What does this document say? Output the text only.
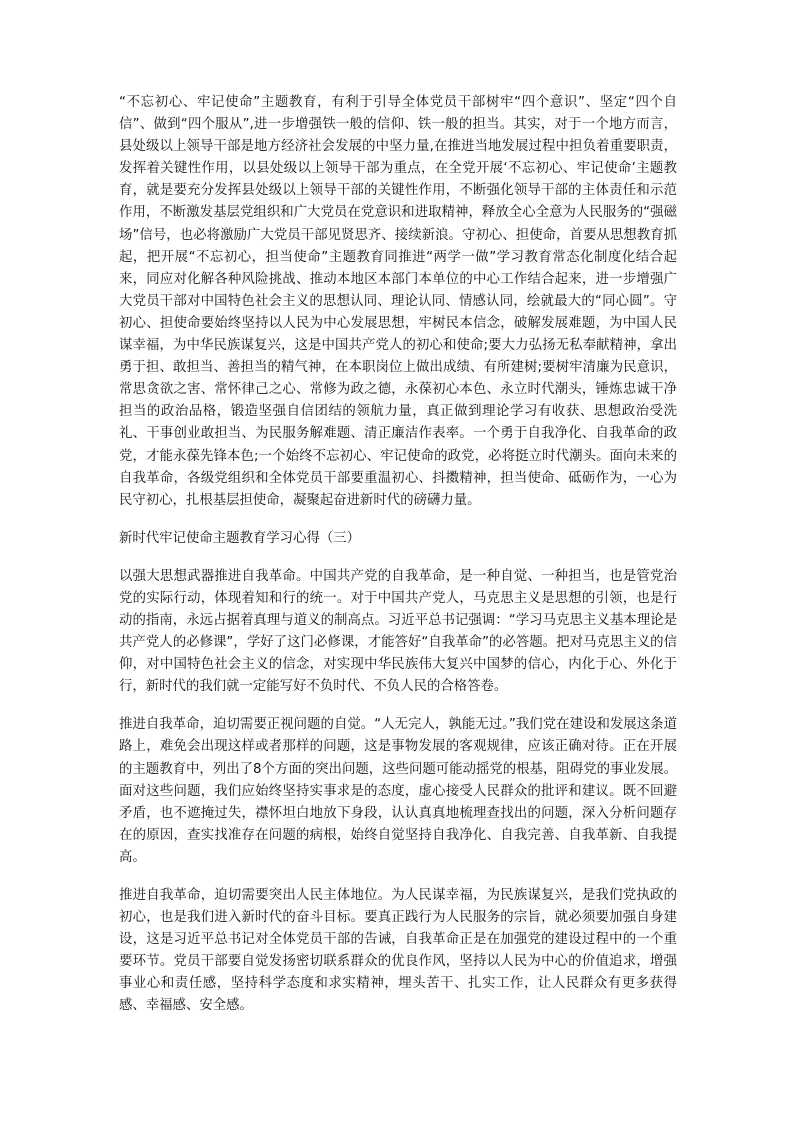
“不忘初心、牢记使命”主题教育，有利于引导全体党员干部树牢“四个意识”、坚定“四个自信”、做到“四个服从”,进一步增强铁一般的信仰、铁一般的担当。其实，对于一个地方而言，县处级以上领导干部是地方经济社会发展的中坚力量,在推进当地发展过程中担负着重要职责，发挥着关键性作用，以县处级以上领导干部为重点，在全党开展‘不忘初心、牢记使命’主题教育，就是要充分发挥县处级以上领导干部的关键性作用，不断强化领导干部的主体责任和示范作用，不断激发基层党组织和广大党员在党意识和进取精神，释放全心全意为人民服务的“强磁场”信号，也必将激励广大党员干部见贤思齐、接续新浪。守初心、担使命，首要从思想教育抓起，把开展“不忘初心，担当使命”主题教育同推进“两学一做”学习教育常态化制度化结合起来，同应对化解各种风险挑战、推动本地区本部门本单位的中心工作结合起来，进一步增强广大党员干部对中国特色社会主义的思想认同、理论认同、情感认同，绘就最大的“同心圆”。守初心、担使命要始终坚持以人民为中心发展思想，牢树民本信念，破解发展难题，为中国人民谋幸福，为中华民族谋复兴，这是中国共产党人的初心和使命;要大力弘扬无私奉献精神，拿出勇于担、敢担当、善担当的精气神，在本职岗位上做出成绩、有所建树;要树牢清廉为民意识，常思贪欲之害、常怀律己之心、常修为政之德，永葆初心本色、永立时代潮头，锤炼忠诚干净担当的政治品格，锻造坚强自信团结的领航力量，真正做到理论学习有收获、思想政治受洗礼、干事创业敢担当、为民服务解难题、清正廉洁作表率。一个勇于自我净化、自我革命的政党，才能永葆先锋本色;一个始终不忘初心、牢记使命的政党，必将挺立时代潮头。面向未来的自我革命，各级党组织和全体党员干部要重温初心、抖擞精神，担当使命、砥砺作为，一心为民守初心，扎根基层担使命，凝聚起奋进新时代的磅礴力量。

新时代牢记使命主题教育学习心得（三）

以强大思想武器推进自我革命。中国共产党的自我革命，是一种自觉、一种担当，也是管党治党的实际行动，体现着知和行的统一。对于中国共产党人，马克思主义是思想的引领，也是行动的指南，永远占据着真理与道义的制高点。习近平总书记强调：“学习马克思主义基本理论是共产党人的必修课”，学好了这门必修课，才能答好“自我革命”的必答题。把对马克思主义的信仰，对中国特色社会主义的信念，对实现中华民族伟大复兴中国梦的信心，内化于心、外化于行，新时代的我们就一定能写好不负时代、不负人民的合格答卷。

推进自我革命，迫切需要正视问题的自觉。“人无完人，孰能无过。”我们党在建设和发展这条道路上，难免会出现这样或者那样的问题，这是事物发展的客观规律，应该正确对待。正在开展的主题教育中，列出了8个方面的突出问题，这些问题可能动摇党的根基，阻碍党的事业发展。面对这些问题，我们应始终坚持实事求是的态度，虚心接受人民群众的批评和建议。既不回避矛盾，也不遮掩过失，襟怀坦白地放下身段，认认真真地梳理查找出的问题，深入分析问题存在的原因，查实找准存在问题的病根，始终自觉坚持自我净化、自我完善、自我革新、自我提高。

推进自我革命，迫切需要突出人民主体地位。为人民谋幸福，为民族谋复兴，是我们党执政的初心，也是我们进入新时代的奋斗目标。要真正践行为人民服务的宗旨，就必须要加强自身建设，这是习近平总书记对全体党员干部的告诫，自我革命正是在加强党的建设过程中的一个重要环节。党员干部要自觉发扬密切联系群众的优良作风，坚持以人民为中心的价值追求，增强事业心和责任感，坚持科学态度和求实精神，埋头苦干、扎实工作，让人民群众有更多获得感、幸福感、安全感。
